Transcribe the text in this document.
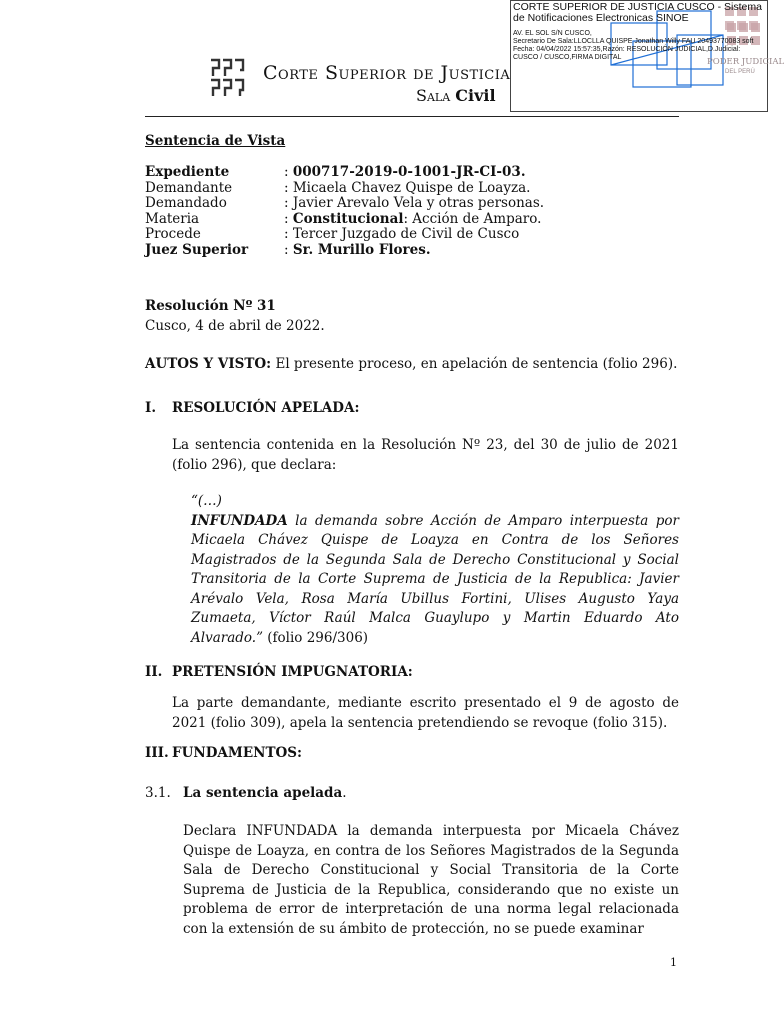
Corte Superior de Justicia
Sala Civil
PODER JUDICIAL
DEL PERÚ
CORTE SUPERIOR DE JUSTICIA CUSCO - Sistema de Notificaciones Electronicas SINOE
AV. EL SOL S/N CUSCO,
Secretario De Sala:LLOCLLA QUISPE Jonathan Willy FAU 20493770083 soft
Fecha: 04/04/2022 15:57:35,Razón: RESOLUCIÓN JUDICIAL,D.Judicial: CUSCO / CUSCO,FIRMA DIGITAL
Sentencia de Vista
Expediente	: 000717-2019-0-1001-JR-CI-03.
Demandante	: Micaela Chavez Quispe de Loayza.
Demandado	: Javier Arevalo Vela y otras personas.
Materia	: Constitucional: Acción de Amparo.
Procede	: Tercer Juzgado de Civil de Cusco
Juez Superior	: Sr. Murillo Flores.
Resolución Nº 31
Cusco, 4 de abril de 2022.
AUTOS Y VISTO: El presente proceso, en apelación de sentencia (folio 296).
I. RESOLUCIÓN APELADA:
La sentencia contenida en la Resolución Nº 23, del 30 de julio de 2021 (folio 296), que declara:
“(…)
INFUNDADA la demanda sobre Acción de Amparo interpuesta por Micaela Chávez Quispe de Loayza en Contra de los Señores Magistrados de la Segunda Sala de Derecho Constitucional y Social Transitoria de la Corte Suprema de Justicia de la Republica: Javier Arévalo Vela, Rosa María Ubillus Fortini, Ulises Augusto Yaya Zumaeta, Víctor Raúl Malca Guaylupo y Martin Eduardo Ato Alvarado.” (folio 296/306)
II. PRETENSIÓN IMPUGNATORIA:
La parte demandante, mediante escrito presentado el 9 de agosto de 2021 (folio 309), apela la sentencia pretendiendo se revoque (folio 315).
III. FUNDAMENTOS:
3.1. La sentencia apelada.
Declara INFUNDADA la demanda interpuesta por Micaela Chávez Quispe de Loayza, en contra de los Señores Magistrados de la Segunda Sala de Derecho Constitucional y Social Transitoria de la Corte Suprema de Justicia de la Republica, considerando que no existe un problema de error de interpretación de una norma legal relacionada con la extensión de su ámbito de protección, no se puede examinar
1
